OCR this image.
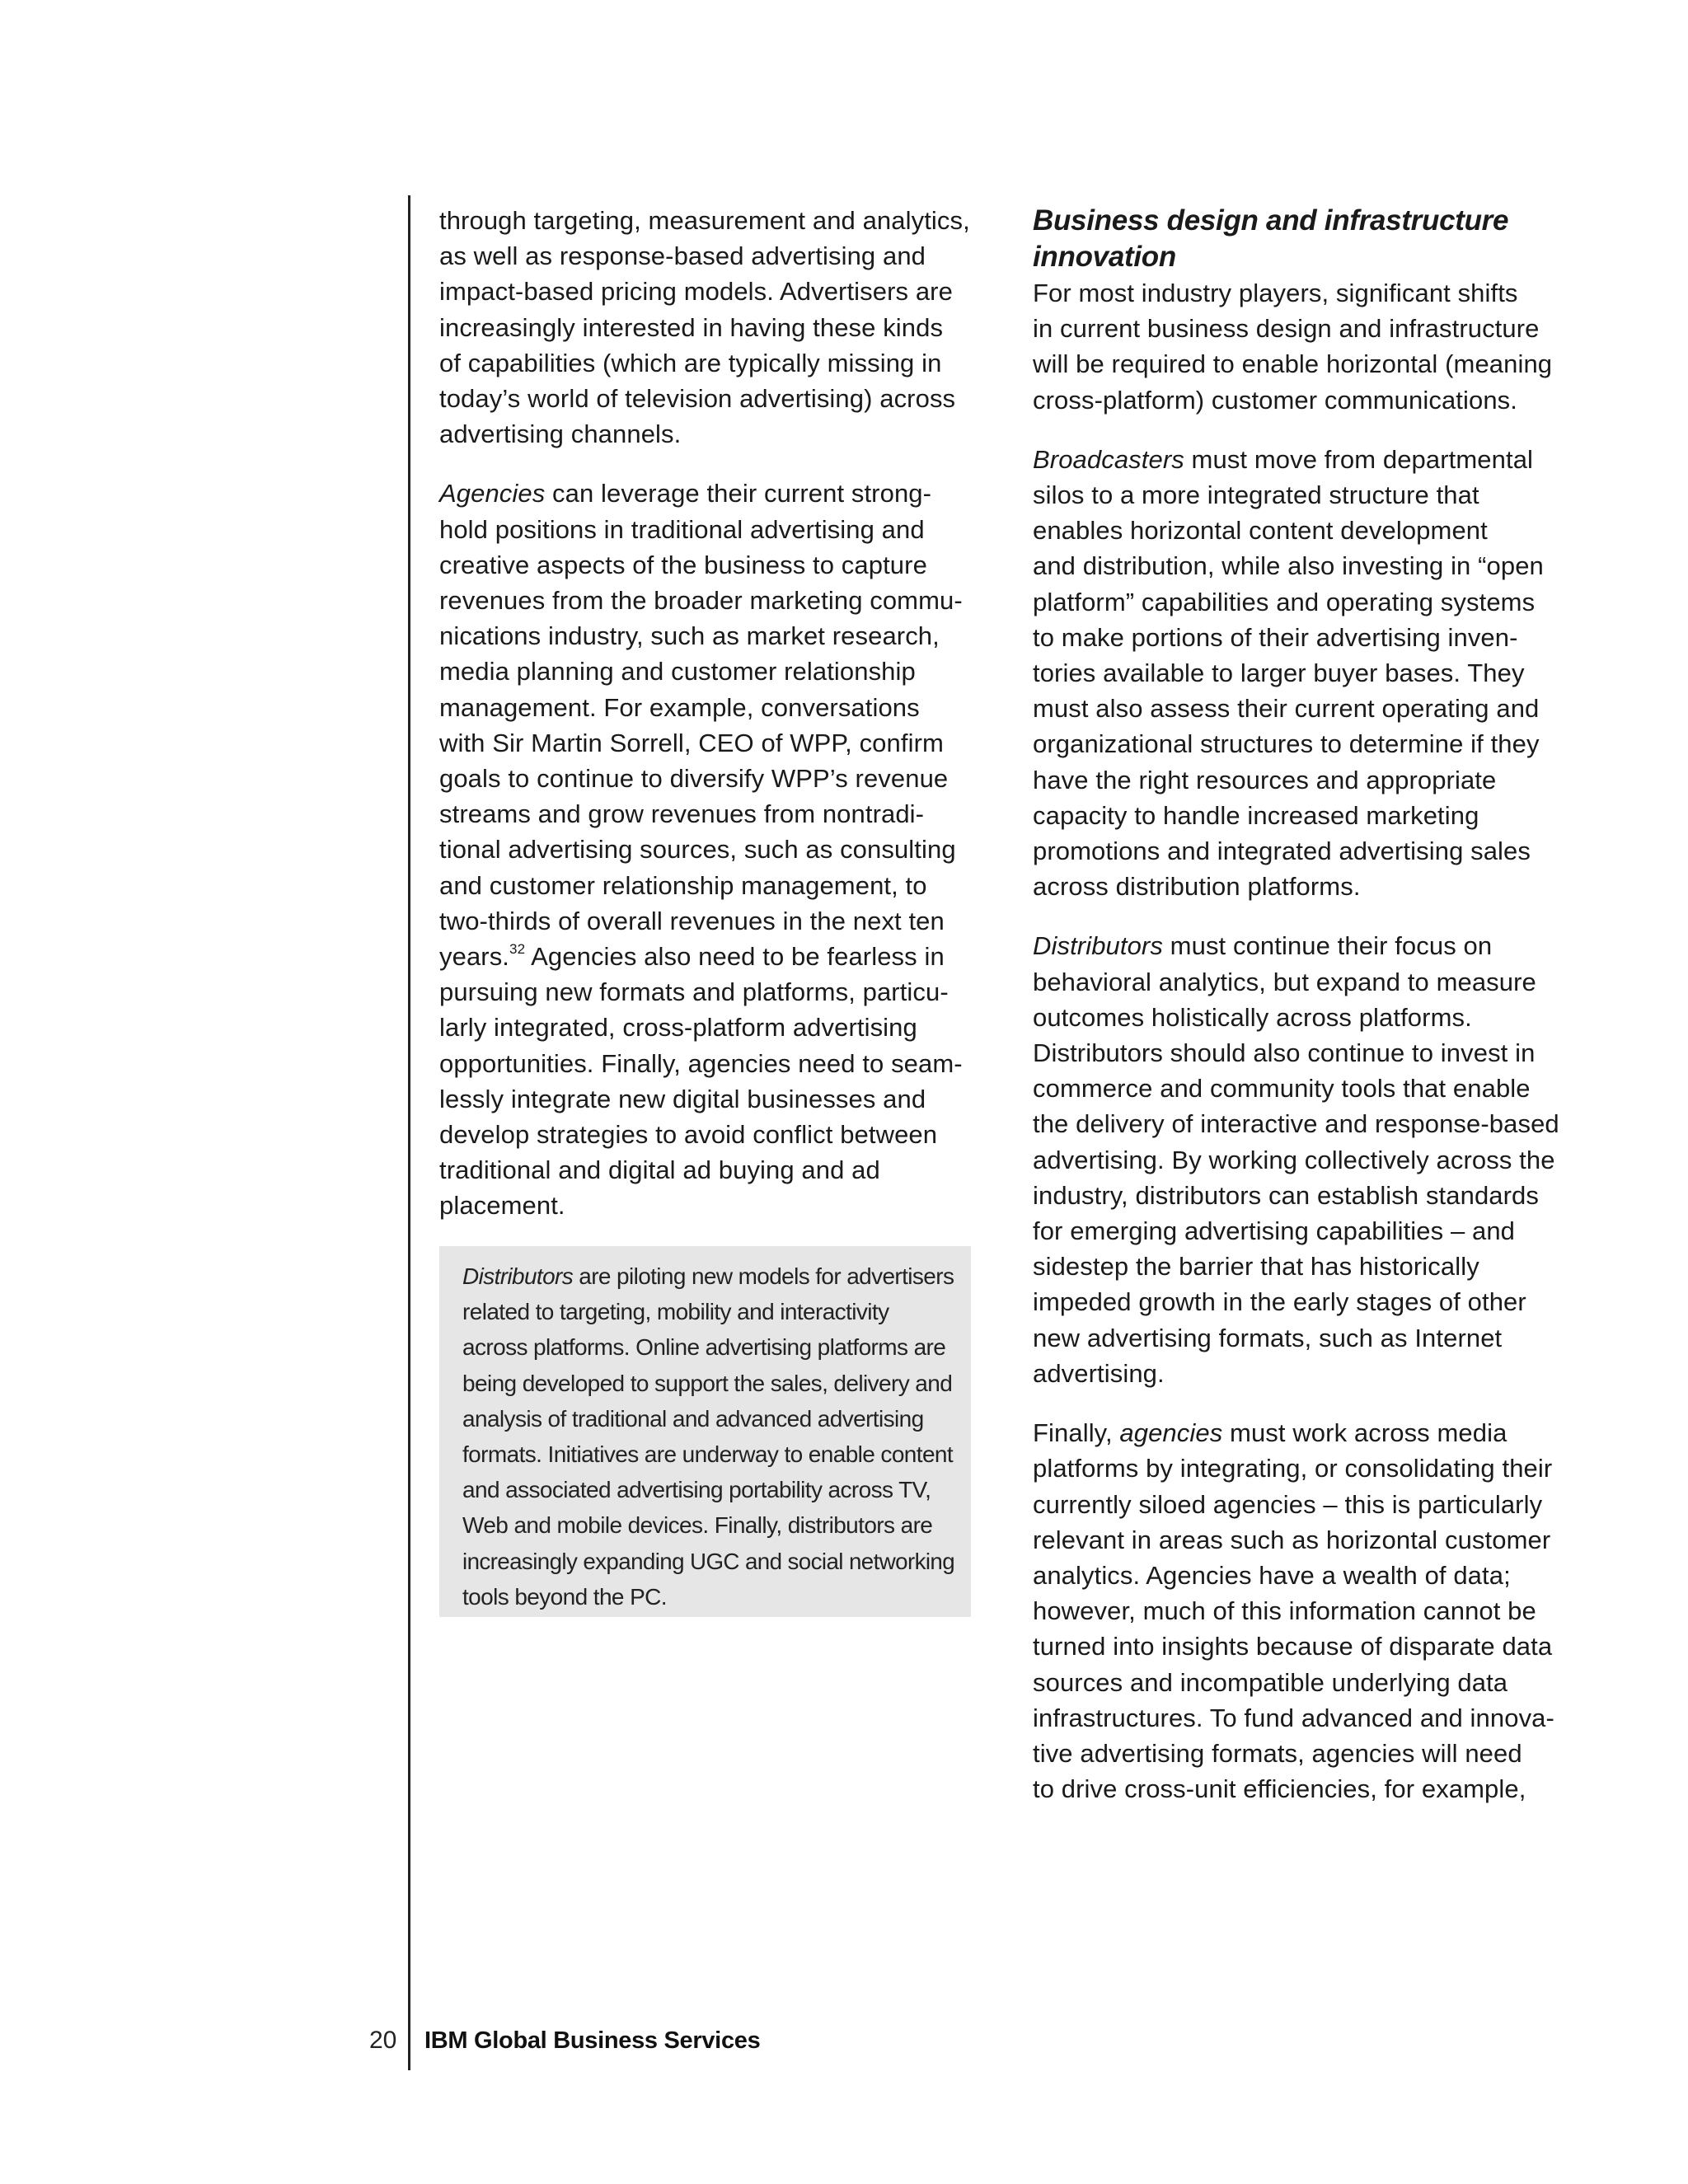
through targeting, measurement and analytics,
as well as response-based advertising and
impact-based pricing models. Advertisers are
increasingly interested in having these kinds
of capabilities (which are typically missing in
today’s world of television advertising) across
advertising channels.
Agencies can leverage their current strong-
hold positions in traditional advertising and
creative aspects of the business to capture
revenues from the broader marketing commu-
nications industry, such as market research,
media planning and customer relationship
management. For example, conversations
with Sir Martin Sorrell, CEO of WPP, confirm
goals to continue to diversify WPP’s revenue
streams and grow revenues from nontradi-
tional advertising sources, such as consulting
and customer relationship management, to
two-thirds of overall revenues in the next ten
years.$^{32}$ Agencies also need to be fearless in
pursuing new formats and platforms, particu-
larly integrated, cross-platform advertising
opportunities. Finally, agencies need to seam-
lessly integrate new digital businesses and
develop strategies to avoid conflict between
traditional and digital ad buying and ad
placement.
Distributors are piloting new models for advertisers
related to targeting, mobility and interactivity
across platforms. Online advertising platforms are
being developed to support the sales, delivery and
analysis of traditional and advanced advertising
formats. Initiatives are underway to enable content
and associated advertising portability across TV,
Web and mobile devices. Finally, distributors are
increasingly expanding UGC and social networking
tools beyond the PC.
Business design and infrastructure
innovation
For most industry players, significant shifts
in current business design and infrastructure
will be required to enable horizontal (meaning
cross-platform) customer communications.
Broadcasters must move from departmental
silos to a more integrated structure that
enables horizontal content development
and distribution, while also investing in “open
platform” capabilities and operating systems
to make portions of their advertising inven-
tories available to larger buyer bases. They
must also assess their current operating and
organizational structures to determine if they
have the right resources and appropriate
capacity to handle increased marketing
promotions and integrated advertising sales
across distribution platforms.
Distributors must continue their focus on
behavioral analytics, but expand to measure
outcomes holistically across platforms.
Distributors should also continue to invest in
commerce and community tools that enable
the delivery of interactive and response-based
advertising. By working collectively across the
industry, distributors can establish standards
for emerging advertising capabilities – and
sidestep the barrier that has historically
impeded growth in the early stages of other
new advertising formats, such as Internet
advertising.
Finally, agencies must work across media
platforms by integrating, or consolidating their
currently siloed agencies – this is particularly
relevant in areas such as horizontal customer
analytics. Agencies have a wealth of data;
however, much of this information cannot be
turned into insights because of disparate data
sources and incompatible underlying data
infrastructures. To fund advanced and innova-
tive advertising formats, agencies will need
to drive cross-unit efficiencies, for example,
20 IBM Global Business Services
